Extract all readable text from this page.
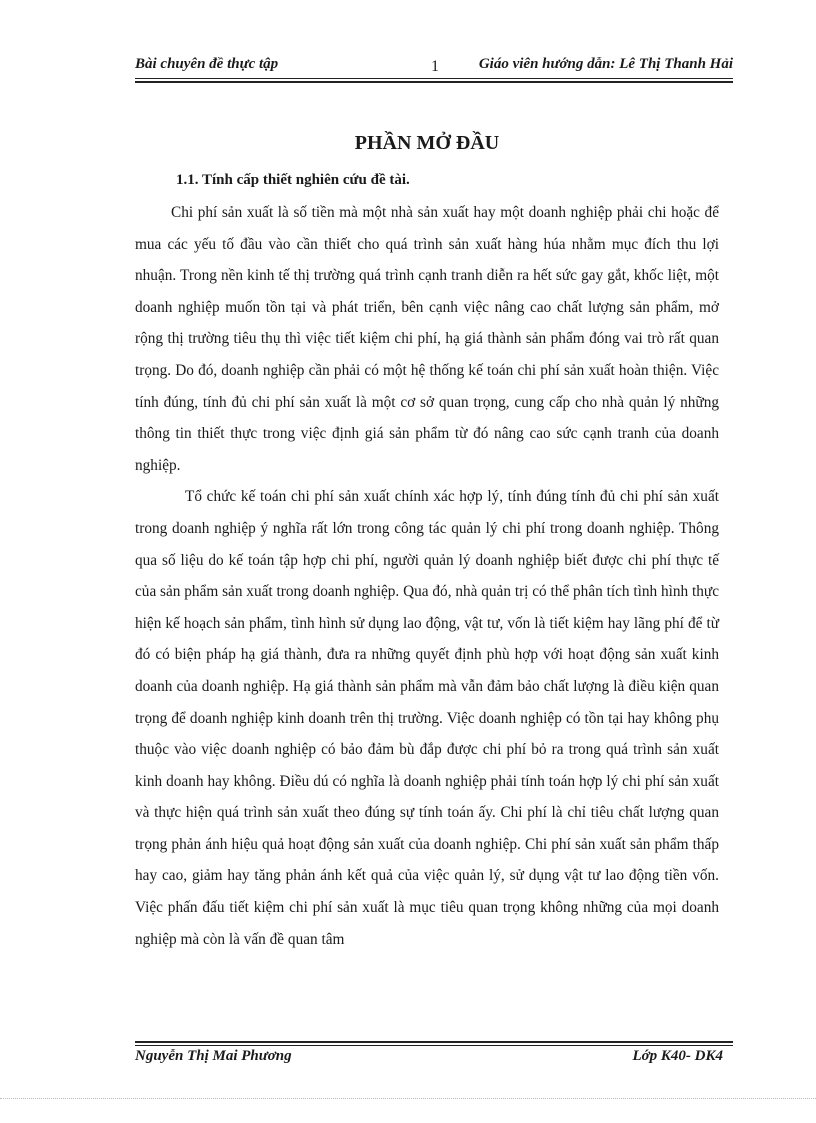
Bài chuyên đề thực tập	1	Giáo viên hướng dẫn: Lê Thị Thanh Hải
PHẦN MỞ ĐẦU
1.1. Tính cấp thiết nghiên cứu đề tài.

Chi phí sản xuất là số tiền mà một nhà sản xuất hay một doanh nghiệp phải chi hoặc để mua các yếu tố đầu vào cần thiết cho quá trình sản xuất hàng húa nhằm mục đích thu lợi nhuận. Trong nền kinh tế thị trường quá trình cạnh tranh diễn ra hết sức gay gắt, khốc liệt, một doanh nghiệp muốn tồn tại và phát triển, bên cạnh việc nâng cao chất lượng sản phẩm, mở rộng thị trường tiêu thụ thì việc tiết kiệm chi phí, hạ giá thành sản phẩm đóng vai trò rất quan trọng. Do đó, doanh nghiệp cần phải có một hệ thống kế toán chi phí sản xuất hoàn thiện. Việc tính đúng, tính đủ chi phí sản xuất là một cơ sở quan trọng, cung cấp cho nhà quản lý những thông tin thiết thực trong việc định giá sản phẩm từ đó nâng cao sức cạnh tranh của doanh nghiệp.

Tổ chức kế toán chi phí sản xuất chính xác hợp lý, tính đúng tính đủ chi phí sản xuất trong doanh nghiệp ý nghĩa rất lớn trong công tác quản lý chi phí trong doanh nghiệp. Thông qua số liệu do kế toán tập hợp chi phí, người quản lý doanh nghiệp biết được chi phí thực tế của sản phẩm sản xuất trong doanh nghiệp. Qua đó, nhà quản trị có thể phân tích tình hình thực hiện kế hoạch sản phẩm, tình hình sử dụng lao động, vật tư, vốn là tiết kiệm hay lãng phí để từ đó có biện pháp hạ giá thành, đưa ra những quyết định phù hợp với hoạt động sản xuất kinh doanh của doanh nghiệp. Hạ giá thành sản phẩm mà vẫn đảm bảo chất lượng là điều kiện quan trọng để doanh nghiệp kinh doanh trên thị trường. Việc doanh nghiệp có tồn tại hay không phụ thuộc vào việc doanh nghiệp có bảo đảm bù đắp được chi phí bỏ ra trong quá trình sản xuất kinh doanh hay không. Điều dú có nghĩa là doanh nghiệp phải tính toán hợp lý chi phí sản xuất và thực hiện quá trình sản xuất theo đúng sự tính toán ấy. Chi phí là chỉ tiêu chất lượng quan trọng phản ánh hiệu quả hoạt động sản xuất của doanh nghiệp. Chi phí sản xuất sản phẩm thấp hay cao, giảm hay tăng phản ánh kết quả của việc quản lý, sử dụng vật tư lao động tiền vốn. Việc phấn đấu tiết kiệm chi phí sản xuất là mục tiêu quan trọng không những của mọi doanh nghiệp mà còn là vấn đề quan tâm

Nguyễn Thị Mai Phương	Lớp K40- DK4
